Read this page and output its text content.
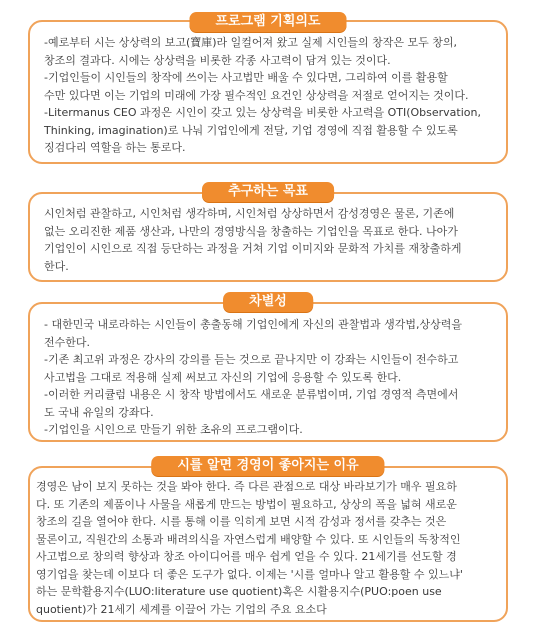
프로그램 기획의도
-예로부터 시는 상상력의 보고(寶庫)라 일컬어져 왔고 실제 시인들의 창작은 모두 창의,
창조의 결과다. 시에는 상상력을 비롯한 각종 사고력이 담겨 있는 것이다.
-기업인들이 시인들의 창작에 쓰이는 사고법만 배울 수 있다면, 그리하여 이를 활용할
수만 있다면 이는 기업의 미래에 가장 필수적인 요건인 상상력을 저절로 얻어지는 것이다.
-Litermanus CEO 과정은 시인이 갖고 있는 상상력을 비롯한 사고력을 OTI(Observation,
Thinking, imagination)로 나눠 기업인에게 전달, 기업 경영에 직접 활용할 수 있도록
징검다리 역할을 하는 통로다.
추구하는 목표
시인처럼 관찰하고, 시인처럼 생각하며, 시인처럼 상상하면서 감성경영은 물론, 기존에
없는 오리진한 제품 생산과, 나만의 경영방식을 창출하는 기업인을 목표로 한다. 나아가
기업인이 시인으로 직접 등단하는 과정을 거쳐 기업 이미지와 문화적 가치를 재창출하게
한다.
차별성
- 대한민국 내로라하는 시인들이 총출동해 기업인에게 자신의 관찰법과 생각법,상상력을
전수한다.
-기존 최고위 과정은 강사의 강의를 듣는 것으로 끝나지만 이 강좌는 시인들이 전수하고
사고법을 그대로 적용해 실제 써보고 자신의 기업에 응용할 수 있도록 한다.
-이러한 커리큘럼 내용은 시 창작 방법에서도 새로운 분류법이며, 기업 경영적 측면에서
도 국내 유일의 강좌다.
-기업인을 시인으로 만들기 위한 초유의 프로그램이다.
시를 알면 경영이 좋아지는 이유
경영은 남이 보지 못하는 것을 봐야 한다. 즉 다른 관점으로 대상 바라보기가 매우 필요하
다. 또 기존의 제품이나 사물을 새롭게 만드는 방법이 필요하고, 상상의 폭을 넓혀 새로운
창조의 길을 열어야 한다. 시를 통해 이를 익히게 보면 시적 감성과 정서를 갖추는 것은
물론이고, 직원간의 소통과 배려의식을 자연스럽게 배양할 수 있다. 또 시인들의 독창적인
사고법으로 창의력 향상과 창조 아이디어를 매우 쉽게 얻을 수 있다. 21세기를 선도할 경
영기업을 찾는데 이보다 더 좋은 도구가 없다. 이제는 '시를 얼마나 알고 활용할 수 있느냐'
하는 문학활용지수(LUO:literature use quotient)혹은 시활용지수(PUO:poen use
quotient)가 21세기 세계를 이끌어 가는 기업의 주요 요소다
